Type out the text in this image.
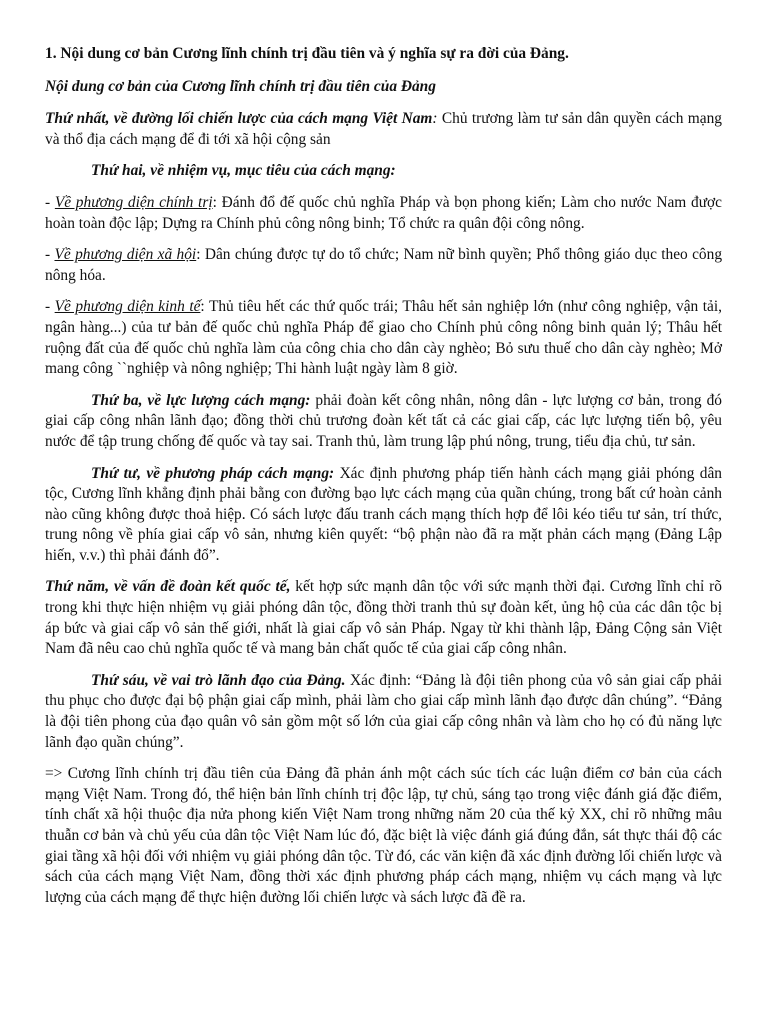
1. Nội dung cơ bản Cương lĩnh chính trị đầu tiên và ý nghĩa sự ra đời của Đảng.

Nội dung cơ bản của Cương lĩnh chính trị đầu tiên của Đảng

Thứ nhất, về đường lối chiến lược của cách mạng Việt Nam: Chủ trương làm tư sản dân quyền cách mạng và thổ địa cách mạng để đi tới xã hội cộng sản

Thứ hai, về nhiệm vụ, mục tiêu của cách mạng:

- Về phương diện chính trị: Đánh đổ đế quốc chủ nghĩa Pháp và bọn phong kiến; Làm cho nước Nam được hoàn toàn độc lập; Dựng ra Chính phủ công nông binh; Tổ chức ra quân đội công nông.

- Về phương diện xã hội: Dân chúng được tự do tổ chức; Nam nữ bình quyền; Phổ thông giáo dục theo công nông hóa.

- Về phương diện kinh tế: Thủ tiêu hết các thứ quốc trái; Thâu hết sản nghiệp lớn (như công nghiệp, vận tải, ngân hàng...) của tư bản đế quốc chủ nghĩa Pháp để giao cho Chính phủ công nông binh quản lý; Thâu hết ruộng đất của đế quốc chủ nghĩa làm của công chia cho dân cày nghèo; Bỏ sưu thuế cho dân cày nghèo; Mở mang công ``nghiệp và nông nghiệp; Thi hành luật ngày làm 8 giờ.

Thứ ba, về lực lượng cách mạng: phải đoàn kết công nhân, nông dân - lực lượng cơ bản, trong đó giai cấp công nhân lãnh đạo; đồng thời chủ trương đoàn kết tất cả các giai cấp, các lực lượng tiến bộ, yêu nước để tập trung chống đế quốc và tay sai. Tranh thủ, làm trung lập phú nông, trung, tiểu địa chủ, tư sản.

Thứ tư, về phương pháp cách mạng: Xác định phương pháp tiến hành cách mạng giải phóng dân tộc, Cương lĩnh khẳng định phải bằng con đường bạo lực cách mạng của quần chúng, trong bất cứ hoàn cảnh nào cũng không được thoả hiệp. Có sách lược đấu tranh cách mạng thích hợp để lôi kéo tiểu tư sản, trí thức, trung nông về phía giai cấp vô sản, nhưng kiên quyết: “bộ phận nào đã ra mặt phản cách mạng (Đảng Lập hiến, v.v.) thì phải đánh đổ”.

Thứ năm, về vấn đề đoàn kết quốc tế, kết hợp sức mạnh dân tộc với sức mạnh thời đại. Cương lĩnh chỉ rõ trong khi thực hiện nhiệm vụ giải phóng dân tộc, đồng thời tranh thủ sự đoàn kết, ủng hộ của các dân tộc bị áp bức và giai cấp vô sản thế giới, nhất là giai cấp vô sản Pháp. Ngay từ khi thành lập, Đảng Cộng sản Việt Nam đã nêu cao chủ nghĩa quốc tế và mang bản chất quốc tế của giai cấp công nhân.

Thứ sáu, về vai trò lãnh đạo của Đảng. Xác định: “Đảng là đội tiên phong của vô sản giai cấp phải thu phục cho được đại bộ phận giai cấp mình, phải làm cho giai cấp mình lãnh đạo được dân chúng”. “Đảng là đội tiên phong của đạo quân vô sản gồm một số lớn của giai cấp công nhân và làm cho họ có đủ năng lực lãnh đạo quần chúng”.

=> Cương lĩnh chính trị đầu tiên của Đảng đã phản ánh một cách súc tích các luận điểm cơ bản của cách mạng Việt Nam. Trong đó, thể hiện bản lĩnh chính trị độc lập, tự chủ, sáng tạo trong việc đánh giá đặc điểm, tính chất xã hội thuộc địa nửa phong kiến Việt Nam trong những năm 20 của thế kỷ XX, chỉ rõ những mâu thuẫn cơ bản và chủ yếu của dân tộc Việt Nam lúc đó, đặc biệt là việc đánh giá đúng đắn, sát thực thái độ các giai tầng xã hội đối với nhiệm vụ giải phóng dân tộc. Từ đó, các văn kiện đã xác định đường lối chiến lược và sách của cách mạng Việt Nam, đồng thời xác định phương pháp cách mạng, nhiệm vụ cách mạng và lực lượng của cách mạng để thực hiện đường lối chiến lược và sách lược đã đề ra.
